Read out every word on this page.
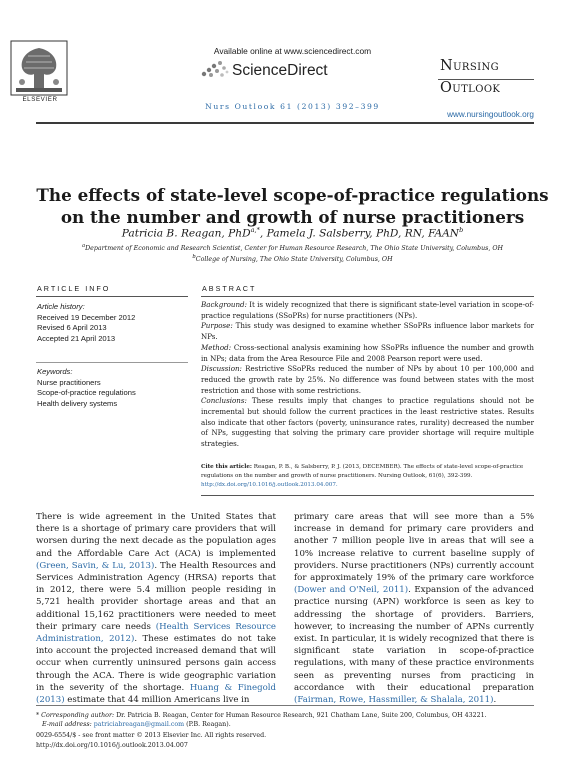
ELSEVIER
Available online at www.sciencedirect.com
ScienceDirect
Nurs Outlook 61 (2013) 392–399
Nursing
Outlook
www.nursingoutlook.org
The effects of state-level scope-of-practice regulations
on the number and growth of nurse practitioners
Patricia B. Reagan, PhD$^{a,*}$, Pamela J. Salsberry, PhD, RN, FAAN$^b$
$^a$Department of Economic and Research Scientist, Center for Human Resource Research, The Ohio State University, Columbus, OH
$^b$College of Nursing, The Ohio State University, Columbus, OH
ARTICLE INFO
Article history:
Received 19 December 2012
Revised 6 April 2013
Accepted 21 April 2013
Keywords:
Nurse practitioners
Scope-of-practice regulations
Health delivery systems
ABSTRACT

Background: It is widely recognized that there is significant state-level variation in scope-of-practice regulations (SSoPRs) for nurse practitioners (NPs).

Purpose: This study was designed to examine whether SSoPRs influence labor markets for NPs.

Method: Cross-sectional analysis examining how SSoPRs influence the number and growth in NPs; data from the Area Resource File and 2008 Pearson report were used.

Discussion: Restrictive SSoPRs reduced the number of NPs by about 10 per 100,000 and reduced the growth rate by 25%. No difference was found between states with the most restriction and those with some restrictions.

Conclusions: These results imply that changes to practice regulations should not be incremental but should follow the current practices in the least restrictive states. Results also indicate that other factors (poverty, uninsurance rates, rurality) decreased the number of NPs, suggesting that solving the primary care provider shortage will require multiple strategies.

Cite this article: Reagan, P. B., & Salsberry, P. J. (2013, DECEMBER). The effects of state-level scope-of-practice regulations on the number and growth of nurse practitioners. Nursing Outlook, 61(6), 392-399. http://dx.doi.org/10.1016/j.outlook.2013.04.007.

There is wide agreement in the United States that there is a shortage of primary care providers that will worsen during the next decade as the population ages and the Affordable Care Act (ACA) is implemented (Green, Savin, & Lu, 2013). The Health Resources and Services Administration Agency (HRSA) reports that in 2012, there were 5.4 million people residing in 5,721 health provider shortage areas and that an additional 15,162 practitioners were needed to meet their primary care needs (Health Services Resource Administration, 2012). These estimates do not take into account the projected increased demand that will occur when currently uninsured persons gain access through the ACA. There is wide geographic variation in the severity of the shortage. Huang & Finegold (2013) estimate that 44 million Americans live in

primary care areas that will see more than a 5% increase in demand for primary care providers and another 7 million people live in areas that will see a 10% increase relative to current baseline supply of providers. Nurse practitioners (NPs) currently account for approximately 19% of the primary care workforce (Dower and O'Neil, 2011). Expansion of the advanced practice nursing (APN) workforce is seen as key to addressing the shortage of providers. Barriers, however, to increasing the number of APNs currently exist. In particular, it is widely recognized that there is significant state variation in scope-of-practice regulations, with many of these practice environments seen as preventing nurses from practicing in accordance with their educational preparation (Fairman, Rowe, Hassmiller, & Shalala, 2011).

* Corresponding author: Dr. Patricia B. Reagan, Center for Human Resource Research, 921 Chatham Lane, Suite 200, Columbus, OH 43221.
E-mail address: patriciabreagan@gmail.com (P.B. Reagan).
0029-6554/$ - see front matter © 2013 Elsevier Inc. All rights reserved.
http://dx.doi.org/10.1016/j.outlook.2013.04.007
